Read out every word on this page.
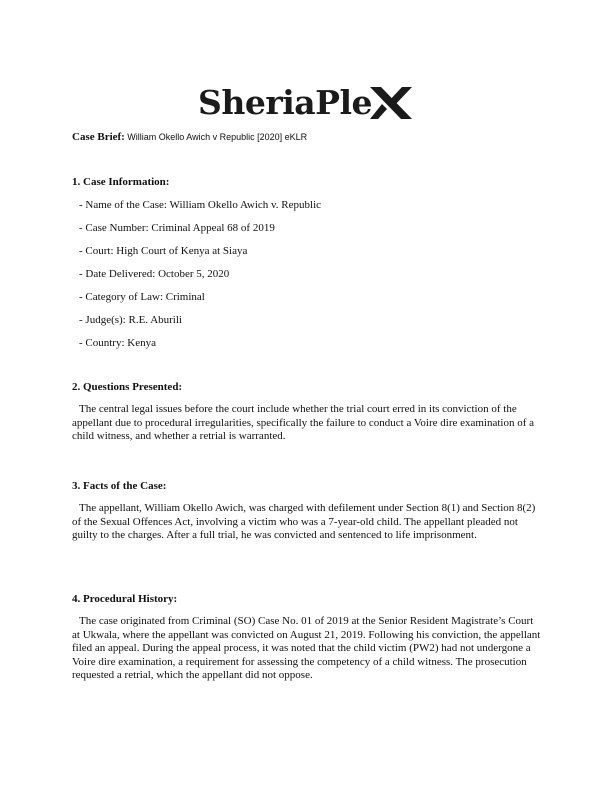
SheriaPle
Case Brief: William Okello Awich v Republic [2020] eKLR
1. Case Information:
- Name of the Case: William Okello Awich v. Republic
- Case Number: Criminal Appeal 68 of 2019
- Court: High Court of Kenya at Siaya
- Date Delivered: October 5, 2020
- Category of Law: Criminal
- Judge(s): R.E. Aburili
- Country: Kenya
2. Questions Presented:

The central legal issues before the court include whether the trial court erred in its conviction of the appellant due to procedural irregularities, specifically the failure to conduct a Voire dire examination of a child witness, and whether a retrial is warranted.

3. Facts of the Case:

The appellant, William Okello Awich, was charged with defilement under Section 8(1) and Section 8(2) of the Sexual Offences Act, involving a victim who was a 7-year-old child. The appellant pleaded not guilty to the charges. After a full trial, he was convicted and sentenced to life imprisonment.

4. Procedural History:

The case originated from Criminal (SO) Case No. 01 of 2019 at the Senior Resident Magistrate’s Court at Ukwala, where the appellant was convicted on August 21, 2019. Following his conviction, the appellant filed an appeal. During the appeal process, it was noted that the child victim (PW2) had not undergone a Voire dire examination, a requirement for assessing the competency of a child witness. The prosecution requested a retrial, which the appellant did not oppose.
